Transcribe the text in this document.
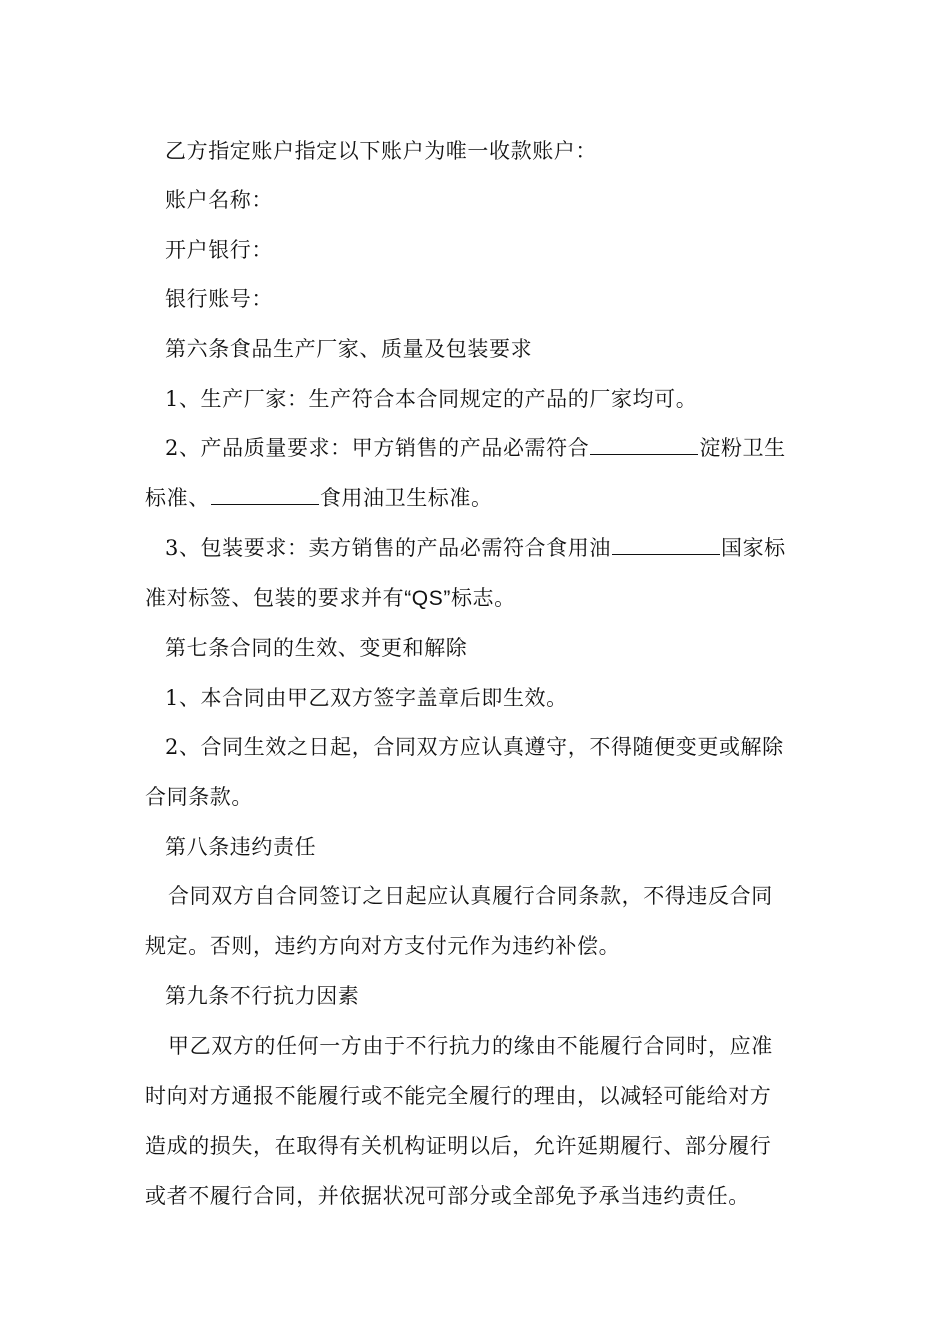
乙方指定账户指定以下账户为唯一收款账户：
账户名称：
开户银行：
银行账号：
第六条食品生产厂家、质量及包装要求
1、生产厂家：生产符合本合同规定的产品的厂家均可。
2、产品质量要求：甲方销售的产品必需符合	淀粉卫生
标准、	食用油卫生标准。
3、包装要求：卖方销售的产品必需符合食用油	国家标
准对标签、包装的要求并有“QS”标志。
第七条合同的生效、变更和解除
1、本合同由甲乙双方签字盖章后即生效。
2、合同生效之日起，合同双方应认真遵守，不得随便变更或解除
合同条款。
第八条违约责任
合同双方自合同签订之日起应认真履行合同条款，不得违反合同
规定。否则，违约方向对方支付元作为违约补偿。
第九条不行抗力因素
甲乙双方的任何一方由于不行抗力的缘由不能履行合同时，应准
时向对方通报不能履行或不能完全履行的理由，以减轻可能给对方
造成的损失，在取得有关机构证明以后，允许延期履行、部分履行
或者不履行合同，并依据状况可部分或全部免予承当违约责任。
